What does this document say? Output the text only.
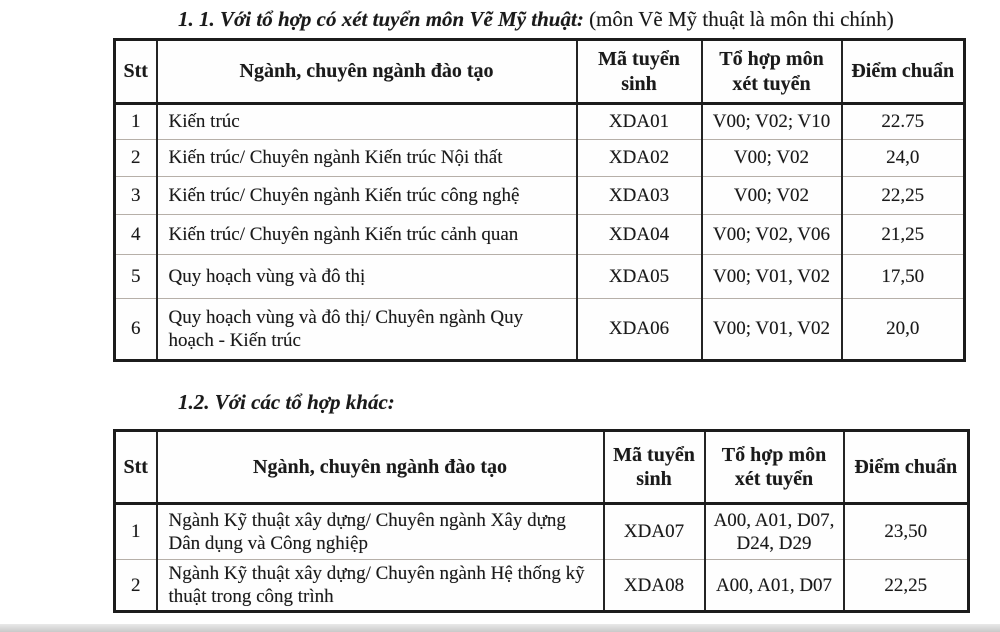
1. 1. Với tổ hợp có xét tuyển môn Vẽ Mỹ thuật: (môn Vẽ Mỹ thuật là môn thi chính)
Stt	Ngành, chuyên ngành đào tạo	Mã tuyển sinh	Tổ hợp môn xét tuyển	Điểm chuẩn
1	Kiến trúc	XDA01	V00; V02; V10	22.75
2	Kiến trúc/ Chuyên ngành Kiến trúc Nội thất	XDA02	V00; V02	24,0
3	Kiến trúc/ Chuyên ngành Kiến trúc công nghệ	XDA03	V00; V02	22,25
4	Kiến trúc/ Chuyên ngành Kiến trúc cảnh quan	XDA04	V00; V02, V06	21,25
5	Quy hoạch vùng và đô thị	XDA05	V00; V01, V02	17,50
6	Quy hoạch vùng và đô thị/ Chuyên ngành Quy hoạch - Kiến trúc	XDA06	V00; V01, V02	20,0
1.2. Với các tổ hợp khác:
Stt	Ngành, chuyên ngành đào tạo	Mã tuyển sinh	Tổ hợp môn xét tuyển	Điểm chuẩn
1	Ngành Kỹ thuật xây dựng/ Chuyên ngành Xây dựng Dân dụng và Công nghiệp	XDA07	A00, A01, D07, D24, D29	23,50
2	Ngành Kỹ thuật xây dựng/ Chuyên ngành Hệ thống kỹ thuật trong công trình	XDA08	A00, A01, D07	22,25
